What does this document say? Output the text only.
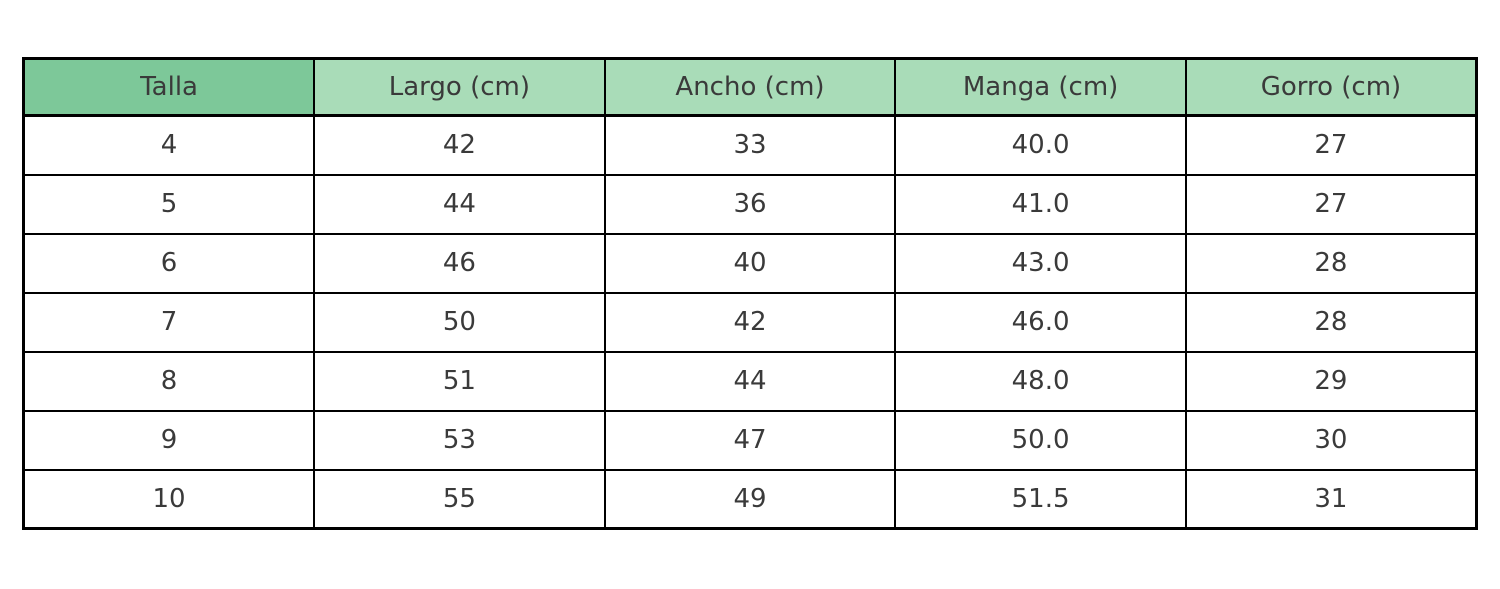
Talla	Largo (cm)	Ancho (cm)	Manga (cm)	Gorro (cm)
4	42	33	40.0	27
5	44	36	41.0	27
6	46	40	43.0	28
7	50	42	46.0	28
8	51	44	48.0	29
9	53	47	50.0	30
10	55	49	51.5	31
